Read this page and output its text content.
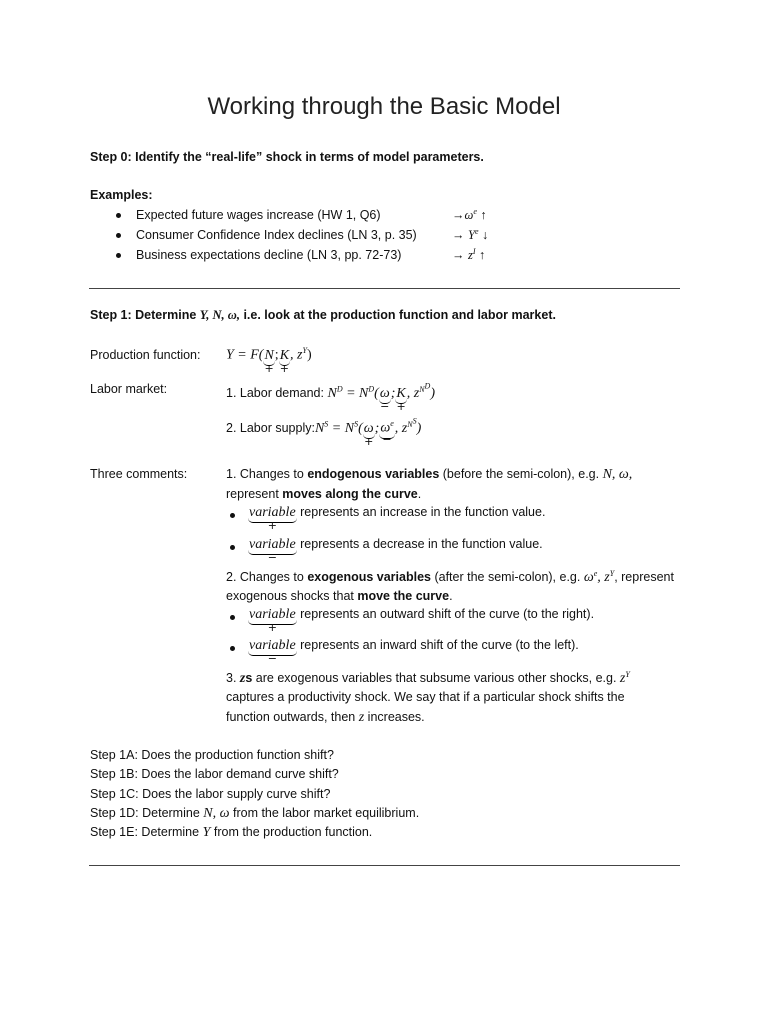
Working through the Basic Model
Step 0: Identify the “real-life” shock in terms of model parameters.
Examples:
Expected future wages increase (HW 1, Q6)	$\to\omega^e$ ↑
Consumer Confidence Index declines (LN 3, p. 35)	→ $Y^e$ ↓
Business expectations decline (LN 3, pp. 72-73)	→ $z^I$ ↑
Step 1: Determine Y, N, ω, i.e. look at the production function and labor market.
Production function: Y = F(N
+
;K
+
, $z^Y$)
Labor market:	1. Labor demand: $N^D = N^D(\omega$
−
;K
+
, $z^{N^D}$)
2. Labor $supply:N^S = N^S(\omega$
+
$;\omega^e$
−
, $z^{N^S}$)
Three comments:	1. Changes to endogenous variables (before the semi-colon), e.g. N, ω,
represent moves along the curve.
variable
+
represents an increase in the function value.
variable
−
represents a decrease in the function value.
2. Changes to exogenous variables (after the semi-colon), e.g. $\omega^e$, $z^Y$, represent
exogenous shocks that move the curve.
variable
+
represents an outward shift of the curve (to the right).
variable
−
represents an inward shift of the curve (to the left).
3. zs are exogenous variables that subsume various other shocks, e.g. $z^Y$
captures a productivity shock. We say that if a particular shock shifts the
function outwards, then z increases.
Step 1A: Does the production function shift?
Step 1B: Does the labor demand curve shift?
Step 1C: Does the labor supply curve shift?
Step 1D: Determine N, ω from the labor market equilibrium.
Step 1E: Determine Y from the production function.
